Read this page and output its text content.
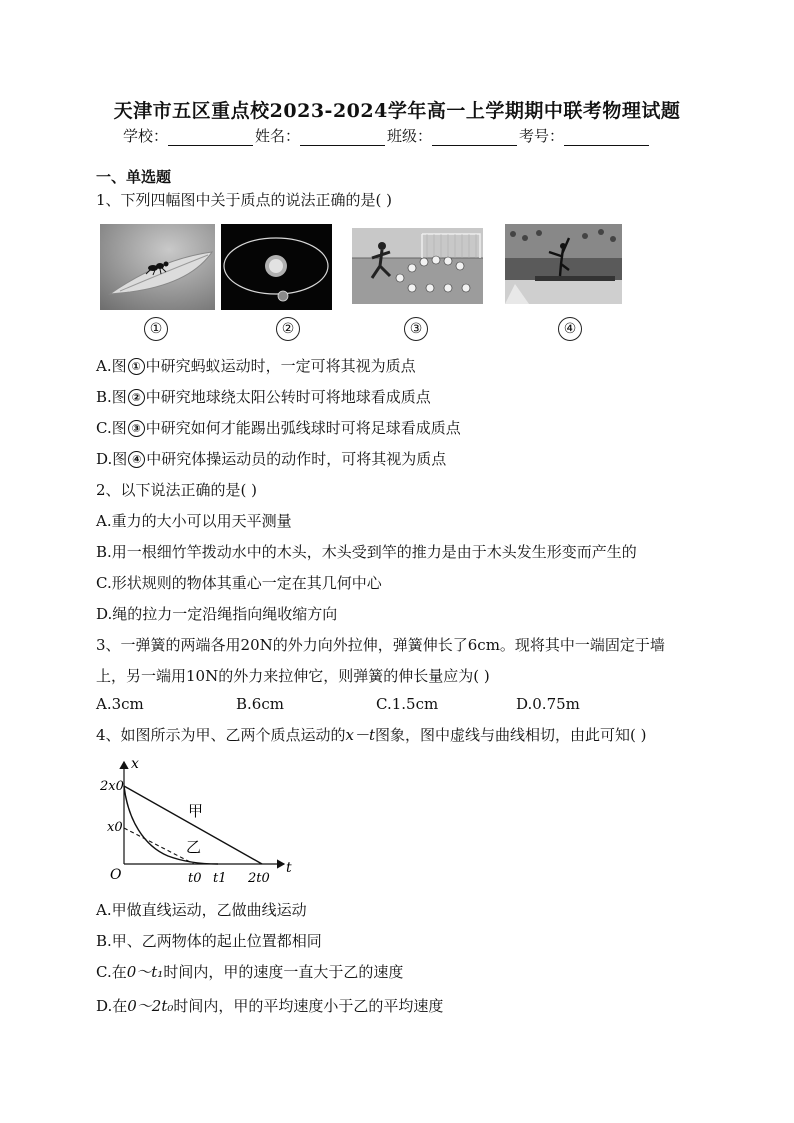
天津市五区重点校2023-2024学年高一上学期期中联考物理试题
学校：	姓名：	班级：	考号：
一、单选题
1、下列四幅图中关于质点的说法正确的是( )
①	②	③	④
A.图 ① 中研究蚂蚁运动时，一定可将其视为质点
B.图 ② 中研究地球绕太阳公转时可将地球看成质点
C.图 ③ 中研究如何才能踢出弧线球时可将足球看成质点
D.图 ④ 中研究体操运动员的动作时，可将其视为质点
2、以下说法正确的是( )
A.重力的大小可以用天平测量
B.用一根细竹竿拨动水中的木头，木头受到竿的推力是由于木头发生形变而产生的
C.形状规则的物体其重心一定在其几何中心
D.绳的拉力一定沿绳指向绳收缩方向
3、一弹簧的两端各用20N的外力向外拉伸，弹簧伸长了6cm。现将其中一端固定于墙
上，另一端用10N的外力来拉伸它，则弹簧的伸长量应为( )
A.3cm	B.6cm	C.1.5cm	D.0.75m
4、如图所示为甲、乙两个质点运动的x－t图象，图中虚线与曲线相切，由此可知( )
x
t
O
2x0
x0
t0 t1 2t0
甲
乙
A.甲做直线运动，乙做曲线运动
B.甲、乙两物体的起止位置都相同
C.在0～t₁时间内，甲的速度一直大于乙的速度
D.在0～2t₀时间内，甲的平均速度小于乙的平均速度
